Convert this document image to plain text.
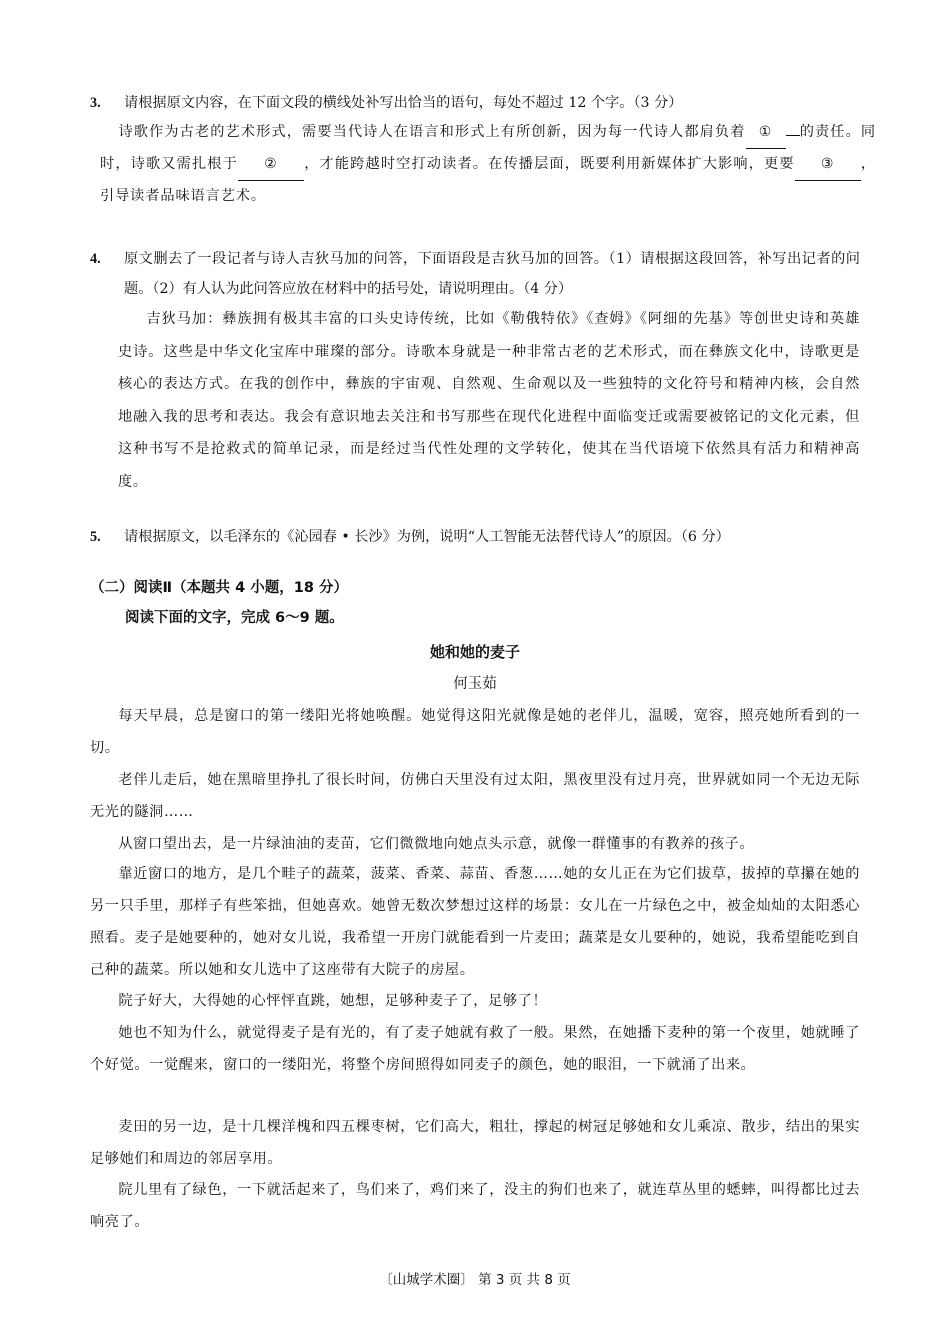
3.	请根据原文内容，在下面文段的横线处补写出恰当的语句，每处不超过 12 个字。（3 分）
诗歌作为古老的艺术形式，需要当代诗人在语言和形式上有所创新，因为每一代诗人都肩负着 ① 的责任。同时，诗歌又需扎根于 ② ，才能跨越时空打动读者。在传播层面，既要利用新媒体扩大影响，更要 ③ ，引导读者品味语言艺术。
4.	原文删去了一段记者与诗人吉狄马加的问答，下面语段是吉狄马加的回答。（1）请根据这段回答，补写出记者的问题。（2）有人认为此问答应放在材料中的括号处，请说明理由。（4 分）
吉狄马加：彝族拥有极其丰富的口头史诗传统，比如《勒俄特依》《查姆》《阿细的先基》等创世史诗和英雄史诗。这些是中华文化宝库中璀璨的部分。诗歌本身就是一种非常古老的艺术形式，而在彝族文化中，诗歌更是核心的表达方式。在我的创作中，彝族的宇宙观、自然观、生命观以及一些独特的文化符号和精神内核，会自然地融入我的思考和表达。我会有意识地去关注和书写那些在现代化进程中面临变迁或需要被铭记的文化元素，但这种书写不是抢救式的简单记录，而是经过当代性处理的文学转化，使其在当代语境下依然具有活力和精神高度。
5.	请根据原文，以毛泽东的《沁园春 • 长沙》为例，说明“人工智能无法替代诗人”的原因。（6 分）
（二）阅读Ⅱ（本题共 4 小题，18 分）
阅读下面的文字，完成 6～9 题。
她和她的麦子
何玉茹
每天早晨，总是窗口的第一缕阳光将她唤醒。她觉得这阳光就像是她的老伴儿，温暖，宽容，照亮她所看到的一切。
老伴儿走后，她在黑暗里挣扎了很长时间，仿佛白天里没有过太阳，黑夜里没有过月亮，世界就如同一个无边无际无光的隧洞……
从窗口望出去，是一片绿油油的麦苗，它们微微地向她点头示意，就像一群懂事的有教养的孩子。
靠近窗口的地方，是几个畦子的蔬菜，菠菜、香菜、蒜苗、香葱……她的女儿正在为它们拔草，拔掉的草攥在她的另一只手里，那样子有些笨拙，但她喜欢。她曾无数次梦想过这样的场景：女儿在一片绿色之中，被金灿灿的太阳悉心照看。麦子是她要种的，她对女儿说，我希望一开房门就能看到一片麦田；蔬菜是女儿要种的，她说，我希望能吃到自己种的蔬菜。所以她和女儿选中了这座带有大院子的房屋。
院子好大，大得她的心怦怦直跳，她想，足够种麦子了，足够了！
她也不知为什么，就觉得麦子是有光的，有了麦子她就有救了一般。果然，在她播下麦种的第一个夜里，她就睡了个好觉。一觉醒来，窗口的一缕阳光，将整个房间照得如同麦子的颜色，她的眼泪，一下就涌了出来。
麦田的另一边，是十几棵洋槐和四五棵枣树，它们高大，粗壮，撑起的树冠足够她和女儿乘凉、散步，结出的果实足够她们和周边的邻居享用。
院儿里有了绿色，一下就活起来了，鸟们来了，鸡们来了，没主的狗们也来了，就连草丛里的蟋蟀，叫得都比过去响亮了。
〔山城学术圈〕 第 3 页 共 8 页
